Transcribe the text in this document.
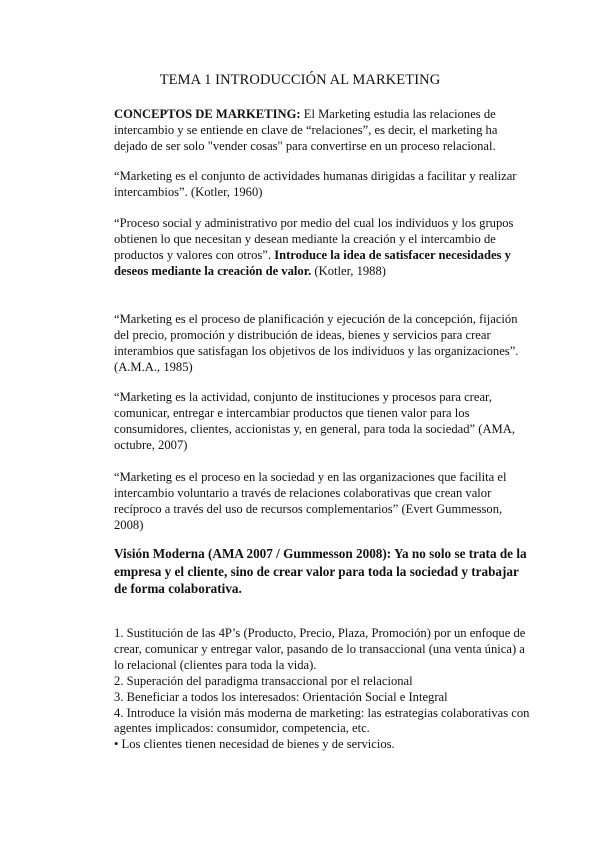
TEMA 1 INTRODUCCIÓN AL MARKETING

CONCEPTOS DE MARKETING: El Marketing estudia las relaciones de intercambio y se entiende en clave de “relaciones”, es decir, el marketing ha dejado de ser solo "vender cosas" para convertirse en un proceso relacional.

“Marketing es el conjunto de actividades humanas dirigidas a facilitar y realizar intercambios”. (Kotler, 1960)

“Proceso social y administrativo por medio del cual los individuos y los grupos obtienen lo que necesitan y desean mediante la creación y el intercambio de productos y valores con otros”. Introduce la idea de satisfacer necesidades y deseos mediante la creación de valor. (Kotler, 1988)

“Marketing es el proceso de planificación y ejecución de la concepción, fijación del precio, promoción y distribución de ideas, bienes y servicios para crear interambios que satisfagan los objetivos de los individuos y las organizaciones”. (A.M.A., 1985)

“Marketing es la actividad, conjunto de instituciones y procesos para crear, comunicar, entregar e intercambiar productos que tienen valor para los consumidores, clientes, accionistas y, en general, para toda la sociedad” (AMA, octubre, 2007)

“Marketing es el proceso en la sociedad y en las organizaciones que facilita el intercambio voluntario a través de relaciones colaborativas que crean valor recíproco a través del uso de recursos complementarios” (Evert Gummesson, 2008)

Visión Moderna (AMA 2007 / Gummesson 2008): Ya no solo se trata de la empresa y el cliente, sino de crear valor para toda la sociedad y trabajar de forma colaborativa.

1. Sustitución de las 4P’s (Producto, Precio, Plaza, Promoción) por un enfoque de crear, comunicar y entregar valor, pasando de lo transaccional (una venta única) a lo relacional (clientes para toda la vida).

2. Superación del paradigma transaccional por el relacional

3. Beneficiar a todos los interesados: Orientación Social e Integral

4. Introduce la visión más moderna de marketing: las estrategias colaborativas con agentes implicados: consumidor, competencia, etc.

• Los clientes tienen necesidad de bienes y de servicios.
